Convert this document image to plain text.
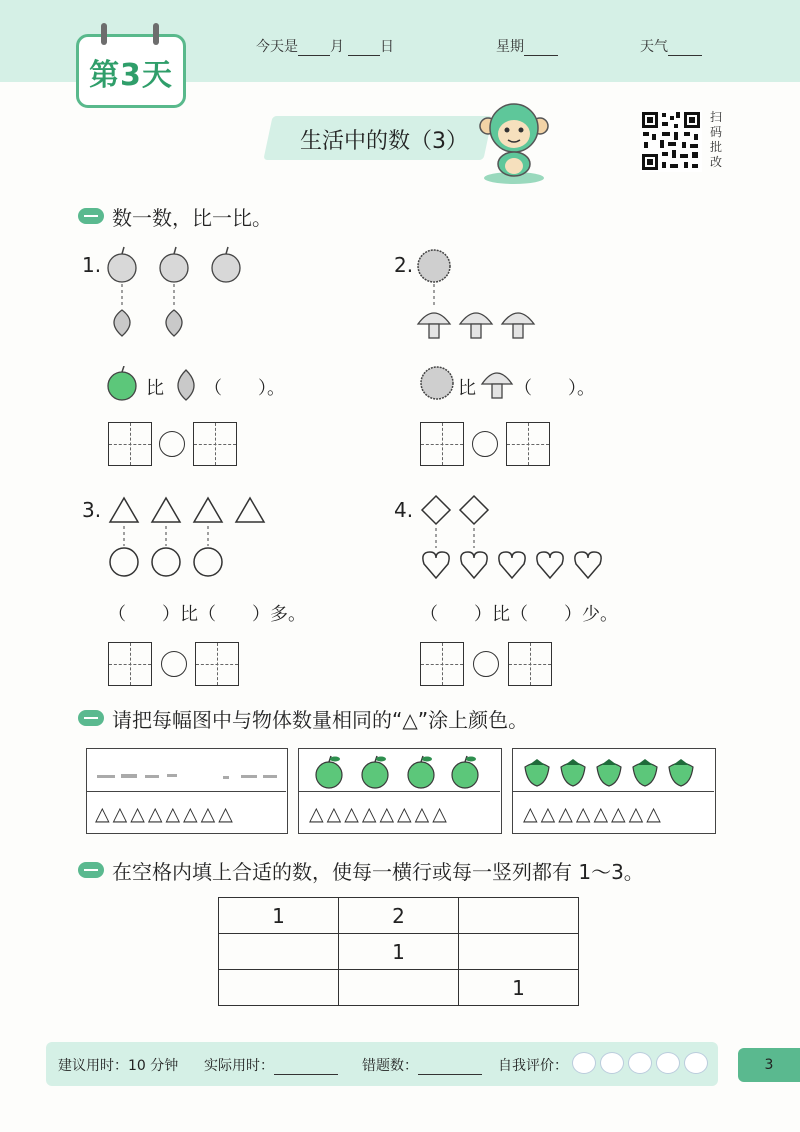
第3天
今天是 月	日	星期	天气
生活中的数（3）
扫
码
批
改
数一数，比一比。
1.
比 （　　）。
2.
比 （　　）。
3.
（　　）比（　　）多。
4.
（　　）比（　　）少。
请把每幅图中与物体数量相同的“△”涂上颜色。
△△△△△△△△	△△△△△△△△	△△△△△△△△
在空格内填上合适的数，使每一横行或每一竖列都有 1～3。
1	2	
	1	
		1
建议用时：10 分钟 实际用时：	错题数：	自我评价：	3
